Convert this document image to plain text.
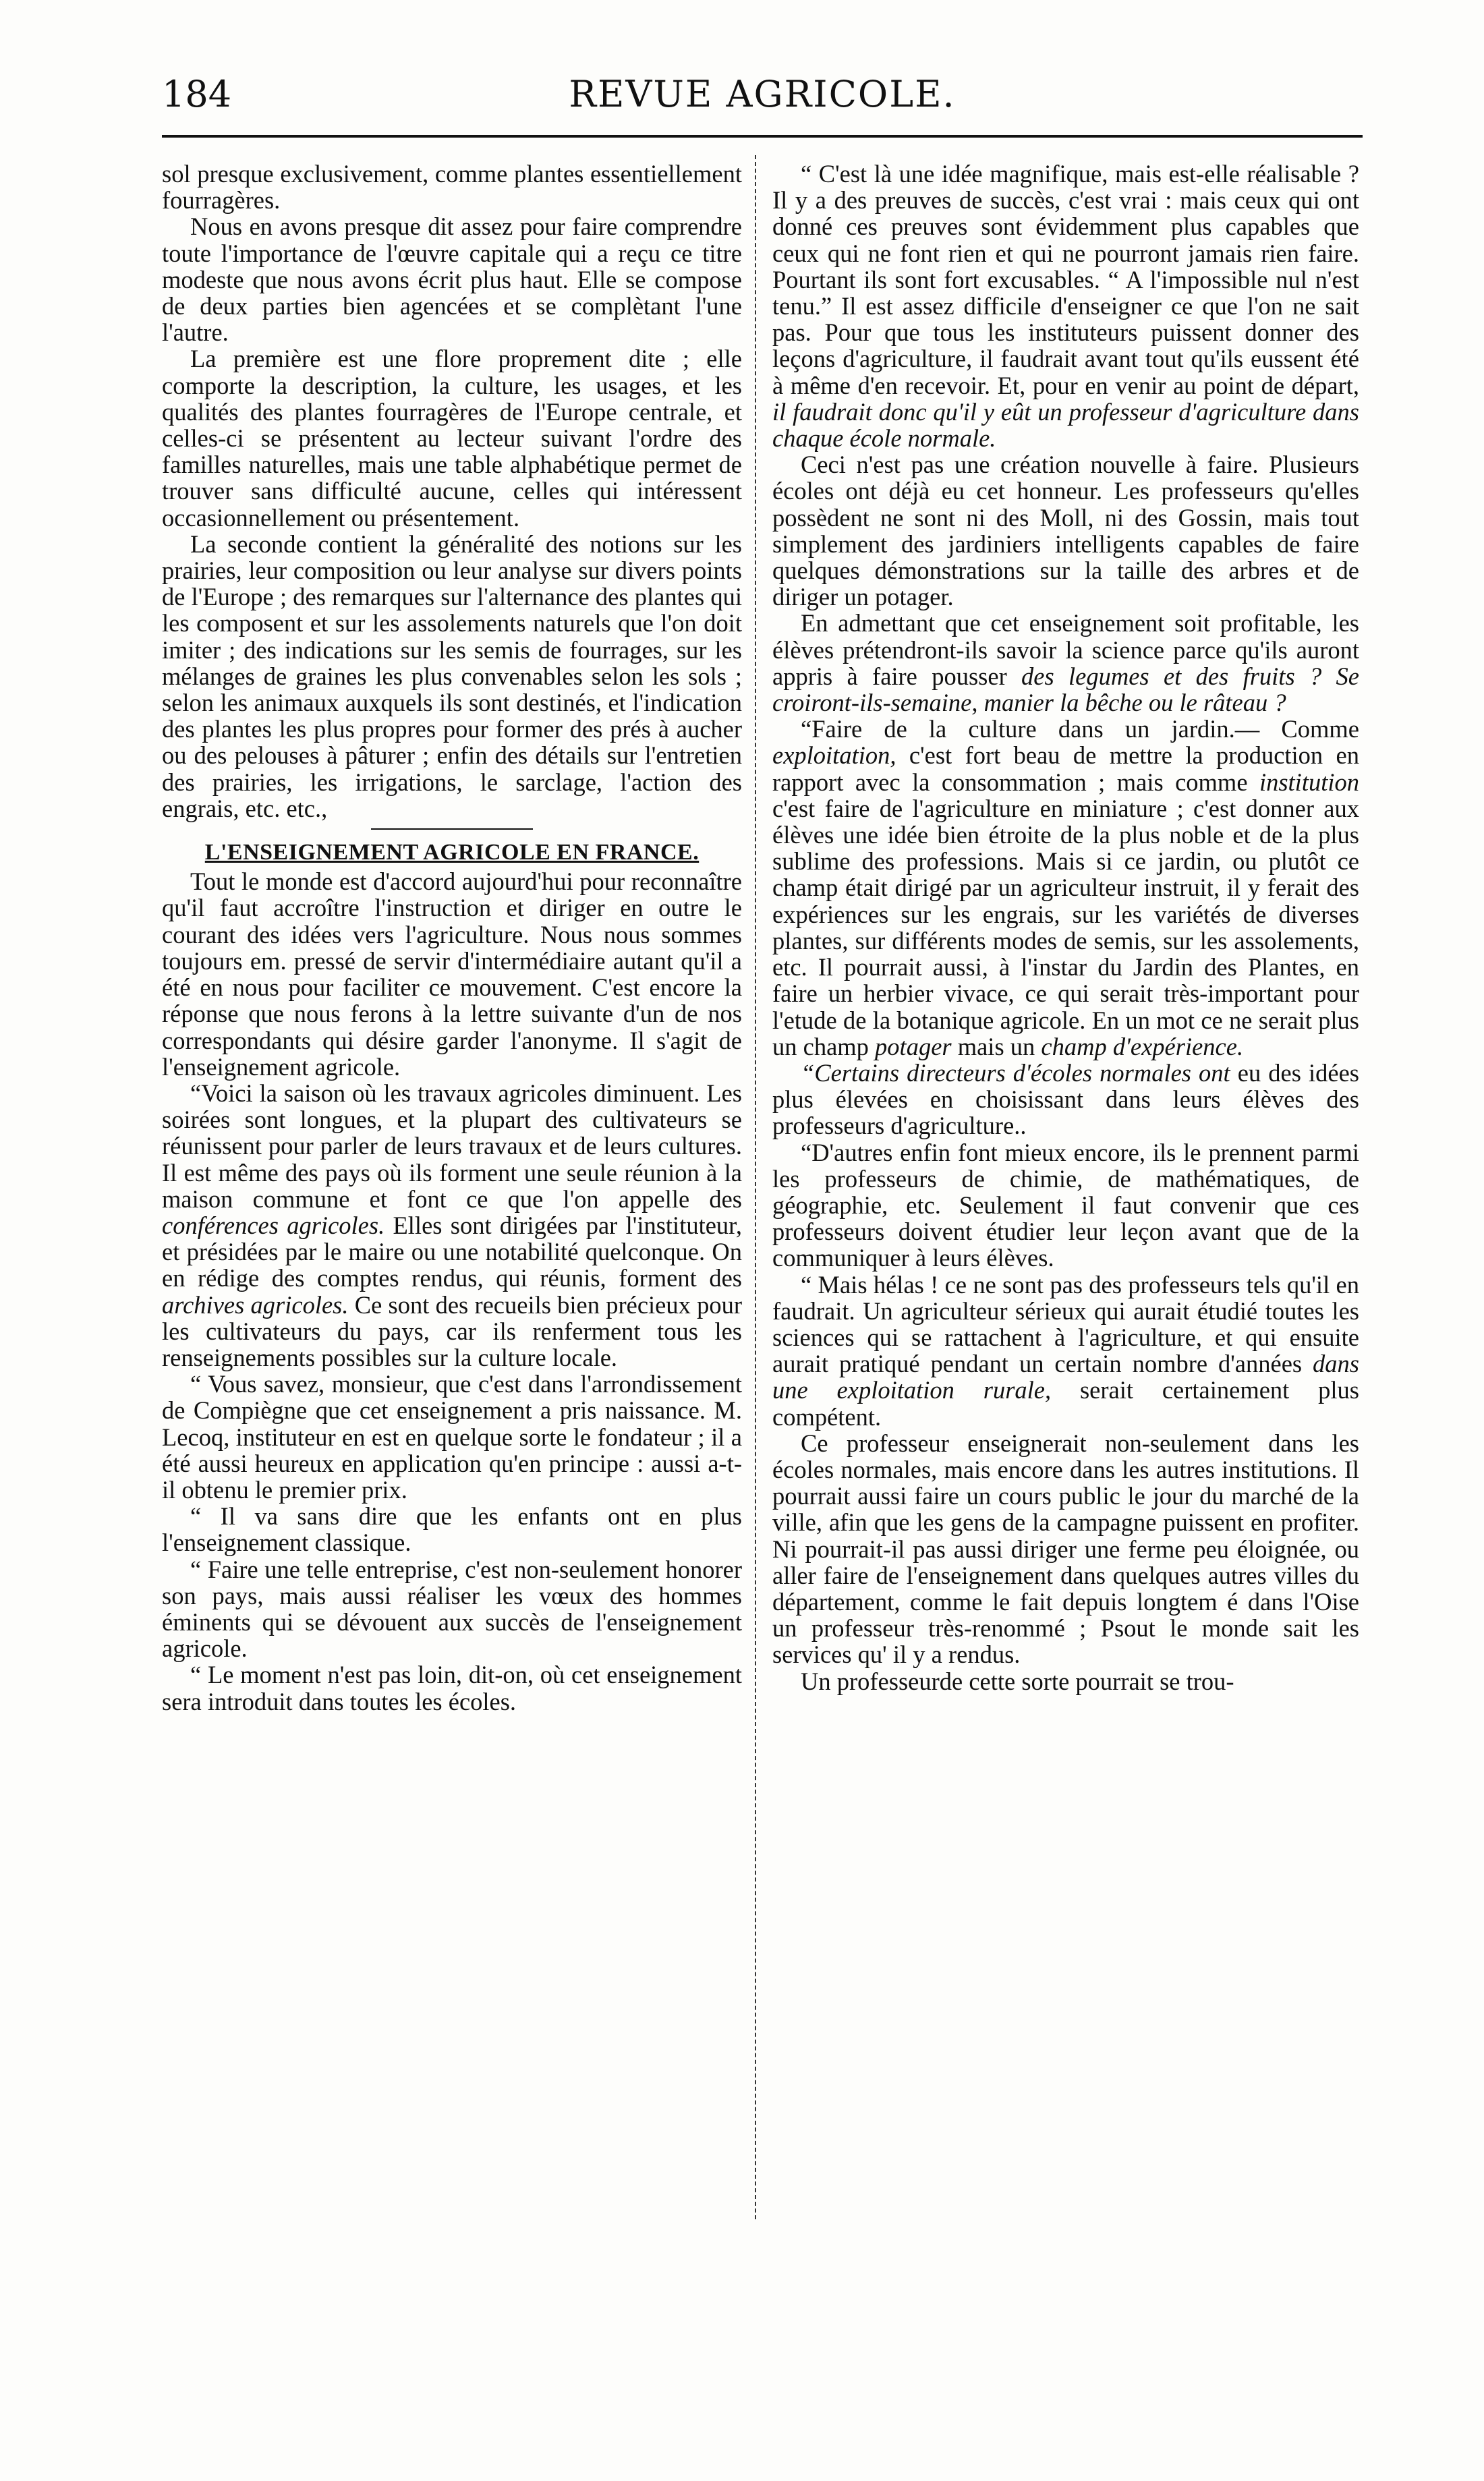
184	REVUE AGRICOLE.

sol presque exclusivement, comme plantes essentiellement fourragères.

Nous en avons presque dit assez pour faire comprendre toute l'importance de l'œuvre capitale qui a reçu ce titre modeste que nous avons écrit plus haut. Elle se compose de deux parties bien agencées et se complètant l'une l'autre.

La première est une flore proprement dite ; elle comporte la description, la culture, les usages, et les qualités des plantes fourragères de l'Europe centrale, et celles-ci se présentent au lecteur suivant l'ordre des familles naturelles, mais une table alphabétique permet de trouver sans difficulté aucune, celles qui intéressent occasionnellement ou présentement.

La seconde contient la généralité des notions sur les prairies, leur composition ou leur analyse sur divers points de l'Europe ; des remarques sur l'alternance des plantes qui les composent et sur les assolements naturels que l'on doit imiter ; des indications sur les semis de fourrages, sur les mélanges de graines les plus convenables selon les sols ; selon les animaux auxquels ils sont destinés, et l'indication des plantes les plus propres pour former des prés à aucher ou des pelouses à pâturer ; enfin des détails sur l'entretien des prairies, les irrigations, le sarclage, l'action des engrais, etc. etc.,

L'ENSEIGNEMENT AGRICOLE EN FRANCE.

Tout le monde est d'accord aujourd'hui pour reconnaître qu'il faut accroître l'instruction et diriger en outre le courant des idées vers l'agriculture. Nous nous sommes toujours em. pressé de servir d'intermédiaire autant qu'il a été en nous pour faciliter ce mouvement. C'est encore la réponse que nous ferons à la lettre suivante d'un de nos correspondants qui désire garder l'anonyme. Il s'agit de l'enseignement agricole.

“Voici la saison où les travaux agricoles diminuent. Les soirées sont longues, et la plupart des cultivateurs se réunissent pour parler de leurs travaux et de leurs cultures. Il est même des pays où ils forment une seule réunion à la maison commune et font ce que l'on appelle des conférences agricoles. Elles sont dirigées par l'instituteur, et présidées par le maire ou une notabilité quelconque. On en rédige des comptes rendus, qui réunis, forment des archives agricoles. Ce sont des recueils bien précieux pour les cultivateurs du pays, car ils renferment tous les renseignements possibles sur la culture locale.

“ Vous savez, monsieur, que c'est dans l'arrondissement de Compiègne que cet enseignement a pris naissance. M. Lecoq, instituteur en est en quelque sorte le fondateur ; il a été aussi heureux en application qu'en principe : aussi a-t-il obtenu le premier prix.

“ Il va sans dire que les enfants ont en plus l'enseignement classique.

“ Faire une telle entreprise, c'est non-seulement honorer son pays, mais aussi réaliser les vœux des hommes éminents qui se dévouent aux succès de l'enseignement agricole.

“ Le moment n'est pas loin, dit-on, où cet enseignement sera introduit dans toutes les écoles.

“ C'est là une idée magnifique, mais est-elle réalisable ? Il y a des preuves de succès, c'est vrai : mais ceux qui ont donné ces preuves sont évidemment plus capables que ceux qui ne font rien et qui ne pourront jamais rien faire. Pourtant ils sont fort excusables. “ A l'impossible nul n'est tenu.” Il est assez difficile d'enseigner ce que l'on ne sait pas. Pour que tous les instituteurs puissent donner des leçons d'agriculture, il faudrait avant tout qu'ils eussent été à même d'en recevoir. Et, pour en venir au point de départ, il faudrait donc qu'il y eût un professeur d'agriculture dans chaque école normale.

Ceci n'est pas une création nouvelle à faire. Plusieurs écoles ont déjà eu cet honneur. Les professeurs qu'elles possèdent ne sont ni des Moll, ni des Gossin, mais tout simplement des jardiniers intelligents capables de faire quelques démonstrations sur la taille des arbres et de diriger un potager.

En admettant que cet enseignement soit profitable, les élèves prétendront-ils savoir la science parce qu'ils auront appris à faire pousser des legumes et des fruits ? Se croiront-ils-semaine, manier la bêche ou le râteau ?

“Faire de la culture dans un jardin.— Comme exploitation, c'est fort beau de mettre la production en rapport avec la consommation ; mais comme institution c'est faire de l'agriculture en miniature ; c'est donner aux élèves une idée bien étroite de la plus noble et de la plus sublime des professions. Mais si ce jardin, ou plutôt ce champ était dirigé par un agriculteur instruit, il y ferait des expériences sur les engrais, sur les variétés de diverses plantes, sur différents modes de semis, sur les assolements, etc. Il pourrait aussi, à l'instar du Jardin des Plantes, en faire un herbier vivace, ce qui serait très-important pour l'etude de la botanique agricole. En un mot ce ne serait plus un champ potager mais un champ d'expérience.

“Certains directeurs d'écoles normales ont eu des idées plus élevées en choisissant dans leurs élèves des professeurs d'agriculture..

“D'autres enfin font mieux encore, ils le prennent parmi les professeurs de chimie, de mathématiques, de géographie, etc. Seulement il faut convenir que ces professeurs doivent étudier leur leçon avant que de la communiquer à leurs élèves.

“ Mais hélas ! ce ne sont pas des professeurs tels qu'il en faudrait. Un agriculteur sérieux qui aurait étudié toutes les sciences qui se rattachent à l'agriculture, et qui ensuite aurait pratiqué pendant un certain nombre d'années dans une exploitation rurale, serait certainement plus compétent.

Ce professeur enseignerait non-seulement dans les écoles normales, mais encore dans les autres institutions. Il pourrait aussi faire un cours public le jour du marché de la ville, afin que les gens de la campagne puissent en profiter. Ni pourrait-il pas aussi diriger une ferme peu éloignée, ou aller faire de l'enseignement dans quelques autres villes du département, comme le fait depuis longtem é dans l'Oise un professeur très-renommé ; Psout le monde sait les services qu' il y a rendus.

Un professeurde cette sorte pourrait se trou-
